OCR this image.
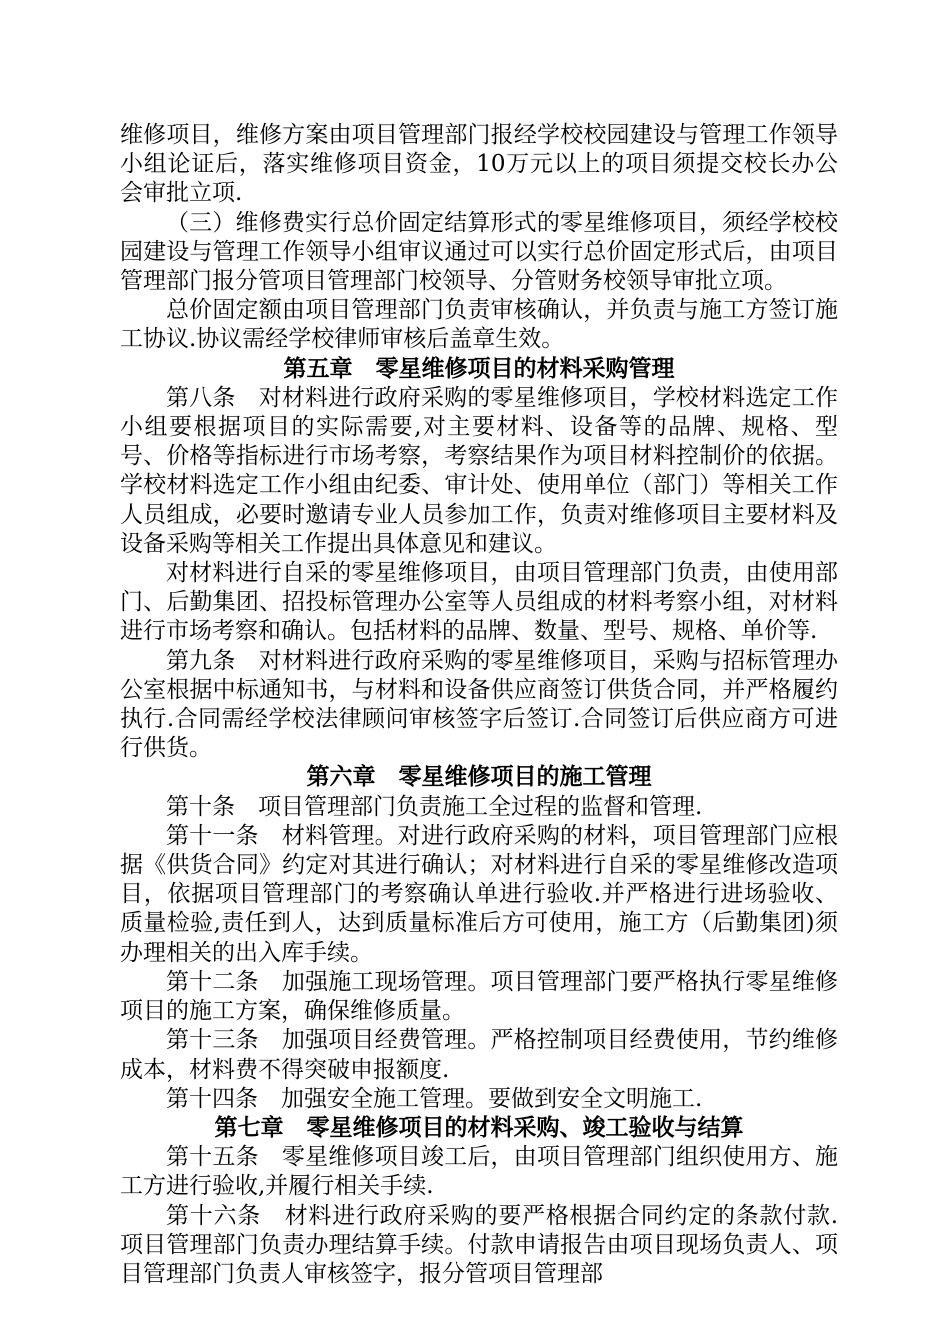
维修项目，维修方案由项目管理部门报经学校校园建设与管理工作领导小组论证后，落实维修项目资金，10万元以上的项目须提交校长办公会审批立项.

（三）维修费实行总价固定结算形式的零星维修项目，须经学校校园建设与管理工作领导小组审议通过可以实行总价固定形式后，由项目管理部门报分管项目管理部门校领导、分管财务校领导审批立项。

总价固定额由项目管理部门负责审核确认，并负责与施工方签订施工协议.协议需经学校律师审核后盖章生效。

第五章　零星维修项目的材料采购管理

第八条　对材料进行政府采购的零星维修项目，学校材料选定工作小组要根据项目的实际需要,对主要材料、设备等的品牌、规格、型号、价格等指标进行市场考察，考察结果作为项目材料控制价的依据。学校材料选定工作小组由纪委、审计处、使用单位（部门）等相关工作人员组成，必要时邀请专业人员参加工作，负责对维修项目主要材料及设备采购等相关工作提出具体意见和建议。

对材料进行自采的零星维修项目，由项目管理部门负责，由使用部门、后勤集团、招投标管理办公室等人员组成的材料考察小组，对材料进行市场考察和确认。包括材料的品牌、数量、型号、规格、单价等.

第九条　对材料进行政府采购的零星维修项目，采购与招标管理办公室根据中标通知书，与材料和设备供应商签订供货合同，并严格履约执行.合同需经学校法律顾问审核签字后签订.合同签订后供应商方可进行供货。

第六章　零星维修项目的施工管理

第十条　项目管理部门负责施工全过程的监督和管理.

第十一条　材料管理。对进行政府采购的材料，项目管理部门应根据《供货合同》约定对其进行确认；对材料进行自采的零星维修改造项目，依据项目管理部门的考察确认单进行验收.并严格进行进场验收、质量检验,责任到人，达到质量标准后方可使用，施工方（后勤集团)须办理相关的出入库手续。

第十二条　加强施工现场管理。项目管理部门要严格执行零星维修项目的施工方案，确保维修质量。

第十三条　加强项目经费管理。严格控制项目经费使用，节约维修成本，材料费不得突破申报额度.

第十四条　加强安全施工管理。要做到安全文明施工.

第七章　零星维修项目的材料采购、竣工验收与结算

第十五条　零星维修项目竣工后，由项目管理部门组织使用方、施工方进行验收,并履行相关手续.

第十六条　材料进行政府采购的要严格根据合同约定的条款付款.项目管理部门负责办理结算手续。付款申请报告由项目现场负责人、项目管理部门负责人审核签字，报分管项目管理部
